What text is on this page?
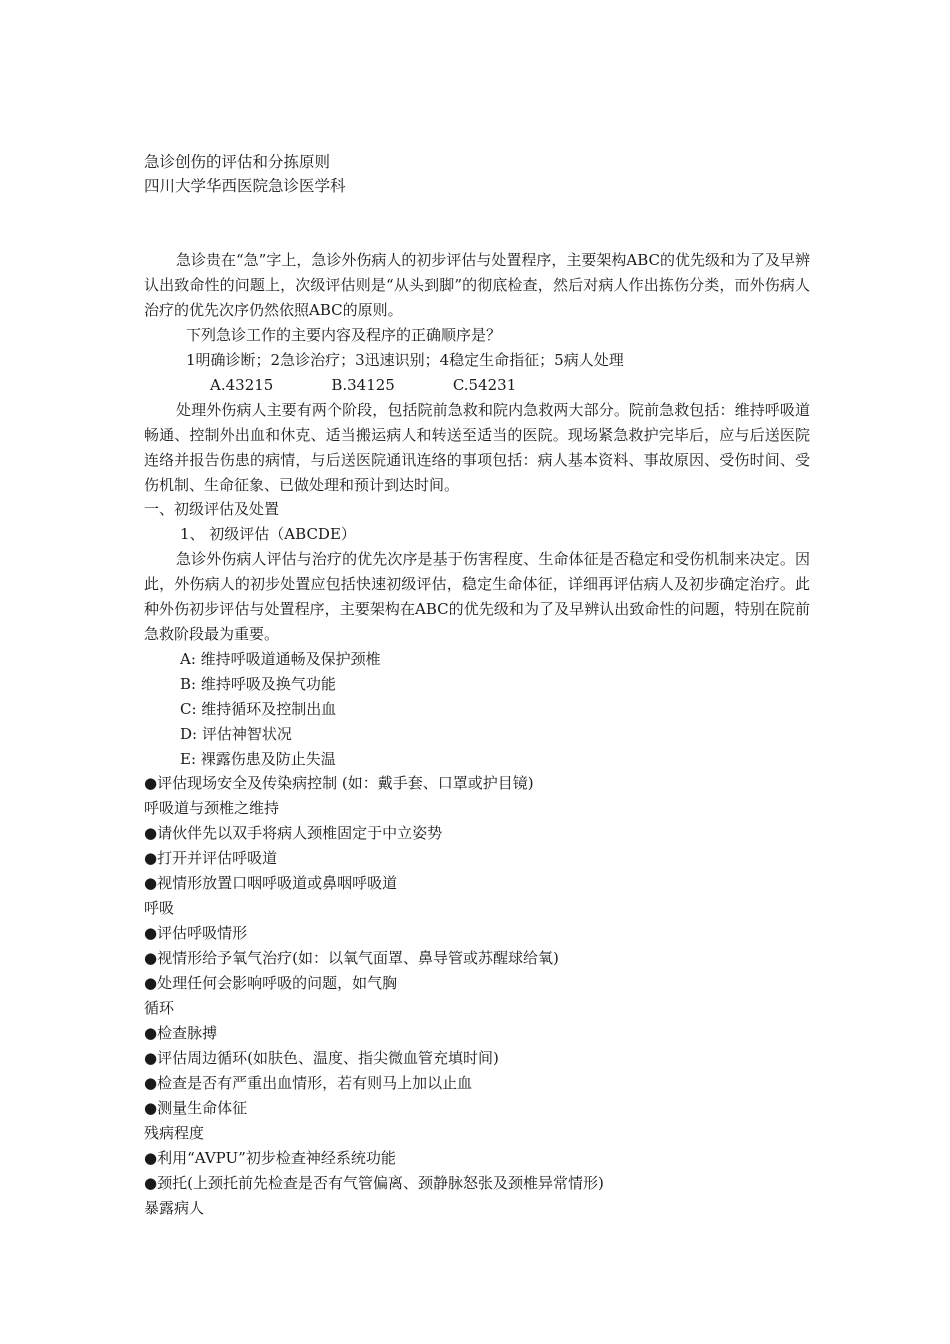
急诊创伤的评估和分拣原则
四川大学华西医院急诊医学科
急诊贵在“急”字上，急诊外伤病人的初步评估与处置程序，主要架构ABC的优先级和为了及早辨认出致命性的问题上，次级评估则是“从头到脚”的彻底检查，然后对病人作出拣伤分类，而外伤病人治疗的优先次序仍然依照ABC的原则。
下列急诊工作的主要内容及程序的正确顺序是？
1明确诊断；2急诊治疗；3迅速识别；4稳定生命指征；5病人处理
A.43215	B.34125	C.54231
处理外伤病人主要有两个阶段，包括院前急救和院内急救两大部分。院前急救包括：维持呼吸道畅通、控制外出血和休克、适当搬运病人和转送至适当的医院。现场紧急救护完毕后，应与后送医院连络并报告伤患的病情，与后送医院通讯连络的事项包括：病人基本资料、事故原因、受伤时间、受伤机制、生命征象、已做处理和预计到达时间。
一、初级评估及处置
1、 初级评估（ABCDE）
急诊外伤病人评估与治疗的优先次序是基于伤害程度、生命体征是否稳定和受伤机制来决定。因此，外伤病人的初步处置应包括快速初级评估，稳定生命体征，详细再评估病人及初步确定治疗。此种外伤初步评估与处置程序，主要架构在ABC的优先级和为了及早辨认出致命性的问题，特别在院前急救阶段最为重要。
A: 维持呼吸道通畅及保护颈椎
B: 维持呼吸及换气功能
C: 维持循环及控制出血
D: 评估神智状况
E: 裸露伤患及防止失温
●评估现场安全及传染病控制 (如：戴手套、口罩或护目镜)
呼吸道与颈椎之维持
●请伙伴先以双手将病人颈椎固定于中立姿势
●打开并评估呼吸道
●视情形放置口咽呼吸道或鼻咽呼吸道
呼吸
●评估呼吸情形
●视情形给予氧气治疗(如：以氧气面罩、鼻导管或苏醒球给氧)
●处理任何会影响呼吸的问题，如气胸
循环
●检查脉搏
●评估周边循环(如肤色、温度、指尖微血管充填时间)
●检查是否有严重出血情形，若有则马上加以止血
●测量生命体征
残病程度
●利用“AVPU”初步检查神经系统功能
●颈托(上颈托前先检查是否有气管偏离、颈静脉怒张及颈椎异常情形)
暴露病人
